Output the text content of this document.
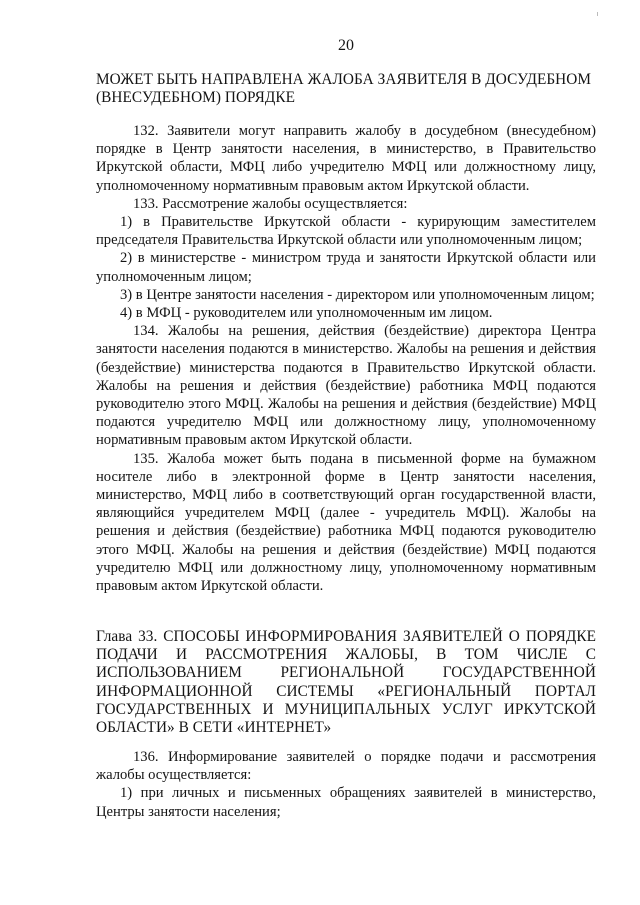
20
МОЖЕТ БЫТЬ НАПРАВЛЕНА ЖАЛОБА ЗАЯВИТЕЛЯ В ДОСУДЕБНОМ (ВНЕСУДЕБНОМ) ПОРЯДКЕ

132. Заявители могут направить жалобу в досудебном (внесудебном) порядке в Центр занятости населения, в министерство, в Правительство Иркутской области, МФЦ либо учредителю МФЦ или должностному лицу, уполномоченному нормативным правовым актом Иркутской области.

133. Рассмотрение жалобы осуществляется:

1) в Правительстве Иркутской области - курирующим заместителем председателя Правительства Иркутской области или уполномоченным лицом;

2) в министерстве - министром труда и занятости Иркутской области или уполномоченным лицом;

3) в Центре занятости населения - директором или уполномоченным лицом;

4) в МФЦ - руководителем или уполномоченным им лицом.

134. Жалобы на решения, действия (бездействие) директора Центра занятости населения подаются в министерство. Жалобы на решения и действия (бездействие) министерства подаются в Правительство Иркутской области. Жалобы на решения и действия (бездействие) работника МФЦ подаются руководителю этого МФЦ. Жалобы на решения и действия (бездействие) МФЦ подаются учредителю МФЦ или должностному лицу, уполномоченному нормативным правовым актом Иркутской области.

135. Жалоба может быть подана в письменной форме на бумажном носителе либо в электронной форме в Центр занятости населения, министерство, МФЦ либо в соответствующий орган государственной власти, являющийся учредителем МФЦ (далее - учредитель МФЦ). Жалобы на решения и действия (бездействие) работника МФЦ подаются руководителю этого МФЦ. Жалобы на решения и действия (бездействие) МФЦ подаются учредителю МФЦ или должностному лицу, уполномоченному нормативным правовым актом Иркутской области.

Глава 33. СПОСОБЫ ИНФОРМИРОВАНИЯ ЗАЯВИТЕЛЕЙ О ПОРЯДКЕ ПОДАЧИ И РАССМОТРЕНИЯ ЖАЛОБЫ, В ТОМ ЧИСЛЕ С ИСПОЛЬЗОВАНИЕМ РЕГИОНАЛЬНОЙ ГОСУДАРСТВЕННОЙ ИНФОРМАЦИОННОЙ СИСТЕМЫ «РЕГИОНАЛЬНЫЙ ПОРТАЛ ГОСУДАРСТВЕННЫХ И МУНИЦИПАЛЬНЫХ УСЛУГ ИРКУТСКОЙ ОБЛАСТИ» В СЕТИ «ИНТЕРНЕТ»

136. Информирование заявителей о порядке подачи и рассмотрения жалобы осуществляется:

1) при личных и письменных обращениях заявителей в министерство, Центры занятости населения;
